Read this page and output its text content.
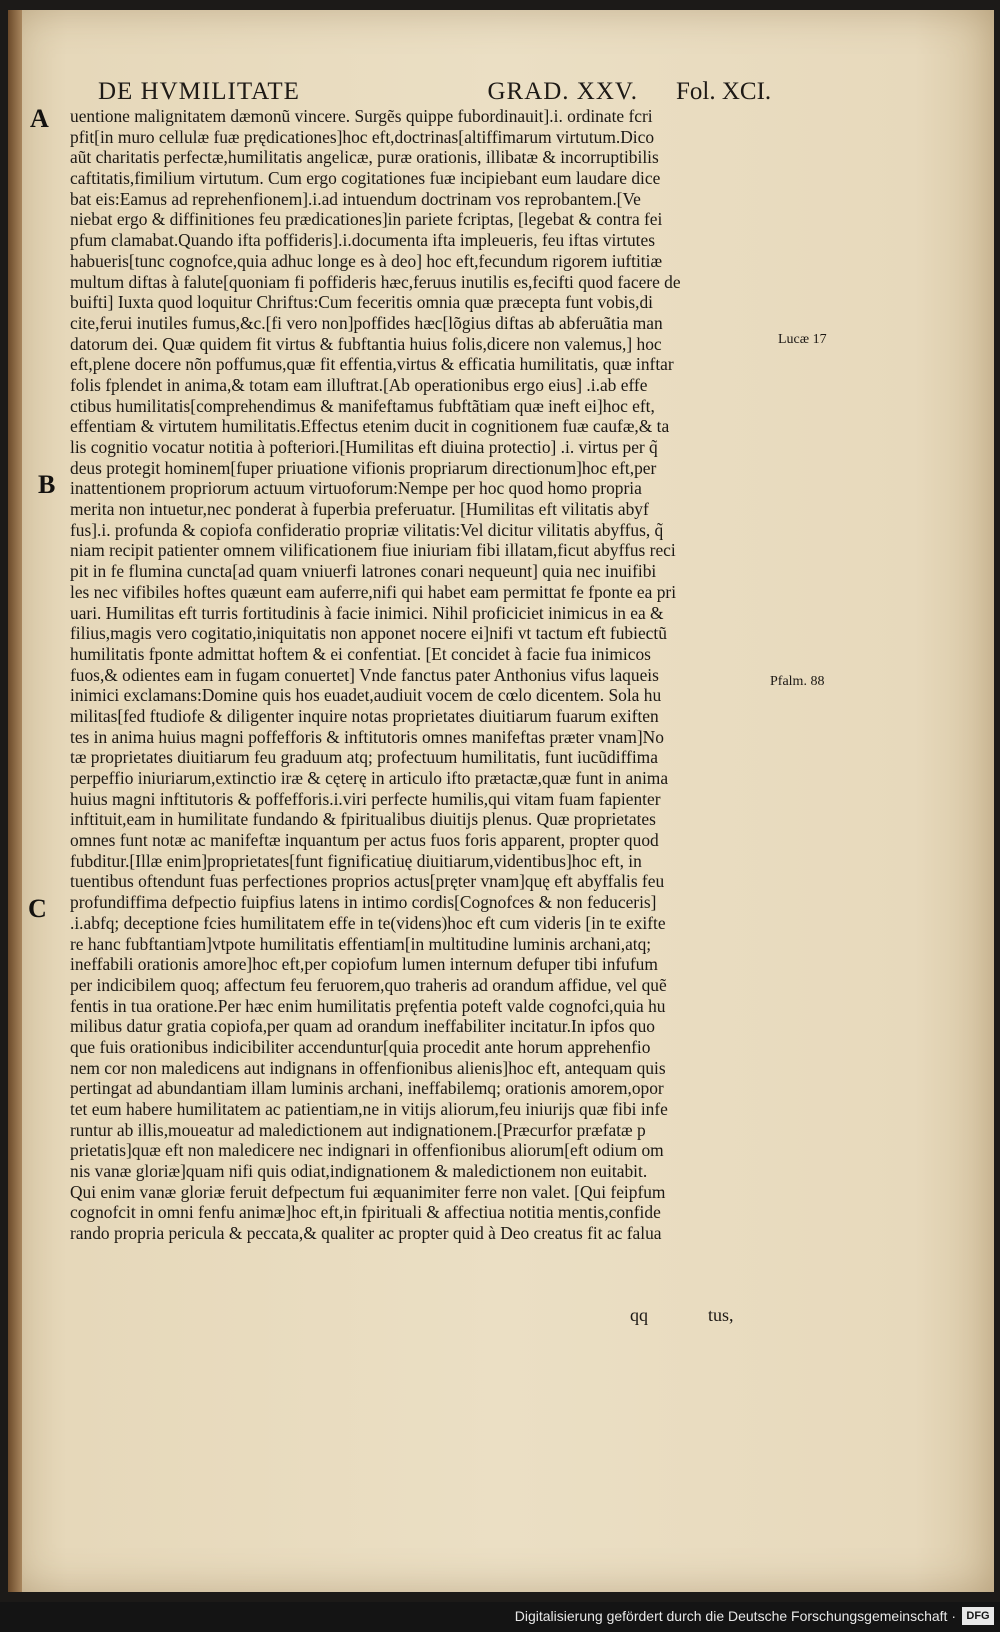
DE HVMILITATE	GRAD. XXV. Fol. XCI.
A
B
C
Lucæ 17
Pfalm. 88
uentione malignitatem dæmonũ vincere. Surgẽs quippe fubordinauit].i. ordinate fcri
pfit[in muro cellulæ fuæ prędicationes]hoc eft,doctrinas[altiffimarum virtutum.Dico
aũt charitatis perfectæ,humilitatis angelicæ, puræ orationis, illibatæ & incorruptibilis
caftitatis,fimilium virtutum. Cum ergo cogitationes fuæ incipiebant eum laudare dice
bat eis:Eamus ad reprehenfionem].i.ad intuendum doctrinam vos reprobantem.[Ve
niebat ergo & diffinitiones feu prædicationes]in pariete fcriptas, [legebat & contra fei
pfum clamabat.Quando ifta poffideris].i.documenta ifta impleueris, feu iftas virtutes
habueris[tunc cognofce,quia adhuc longe es à deo] hoc eft,fecundum rigorem iuftitiæ
multum diftas à falute[quoniam fi poffideris hæc,feruus inutilis es,fecifti quod facere de
buifti] Iuxta quod loquitur Chriftus:Cum feceritis omnia quæ præcepta funt vobis,di
cite,ferui inutiles fumus,&c.[fi vero non]poffides hæc[lõgius diftas ab abferuãtia man
datorum dei. Quæ quidem fit virtus & fubftantia huius folis,dicere non valemus,] hoc
eft,plene docere nõn poffumus,quæ fit effentia,virtus & efficatia humilitatis, quæ inftar
folis fplendet in anima,& totam eam illuftrat.[Ab operationibus ergo eius] .i.ab effe
ctibus humilitatis[comprehendimus & manifeftamus fubftãtiam quæ ineft ei]hoc eft,
effentiam & virtutem humilitatis.Effectus etenim ducit in cognitionem fuæ caufæ,& ta
lis cognitio vocatur notitia à pofteriori.[Humilitas eft diuina protectio] .i. virtus per q̃
deus protegit hominem[fuper priuatione vifionis propriarum directionum]hoc eft,per
inattentionem propriorum actuum virtuoforum:Nempe per hoc quod homo propria
merita non intuetur,nec ponderat à fuperbia preferuatur. [Humilitas eft vilitatis abyf
fus].i. profunda & copiofa confideratio propriæ vilitatis:Vel dicitur vilitatis abyffus, q̃
niam recipit patienter omnem vilificationem fiue iniuriam fibi illatam,ficut abyffus reci
pit in fe flumina cuncta[ad quam vniuerfi latrones conari nequeunt] quia nec inuifibi
les nec vifibiles hoftes quæunt eam auferre,nifi qui habet eam permittat fe fponte ea pri
uari. Humilitas eft turris fortitudinis à facie inimici. Nihil proficiciet inimicus in ea &
filius,magis vero cogitatio,iniquitatis non apponet nocere ei]nifi vt tactum eft fubiectũ
humilitatis fponte admittat hoftem & ei confentiat. [Et concidet à facie fua inimicos
fuos,& odientes eam in fugam conuertet] Vnde fanctus pater Anthonius vifus laqueis
inimici exclamans:Domine quis hos euadet,audiuit vocem de cœlo dicentem. Sola hu
militas[fed ftudiofe & diligenter inquire notas proprietates diuitiarum fuarum exiften
tes in anima huius magni poffefforis & inftitutoris omnes manifeftas præter vnam]No
tæ proprietates diuitiarum feu graduum atq; profectuum humilitatis, funt iucũdiffima
perpeffio iniuriarum,extinctio iræ & cęterę in articulo ifto prætactæ,quæ funt in anima
huius magni inftitutoris & poffefforis.i.viri perfecte humilis,qui vitam fuam fapienter
inftituit,eam in humilitate fundando & fpiritualibus diuitijs plenus. Quæ proprietates
omnes funt notæ ac manifeftæ inquantum per actus fuos foris apparent, propter quod
fubditur.[Illæ enim]proprietates[funt fignificatiuę diuitiarum,videntibus]hoc eft, in
tuentibus oftendunt fuas perfectiones proprios actus[pręter vnam]quę eft abyffalis feu
profundiffima defpectio fuipfius latens in intimo cordis[Cognofces & non feduceris]
.i.abfq; deceptione fcies humilitatem effe in te(videns)hoc eft cum videris [in te exifte
re hanc fubftantiam]vtpote humilitatis effentiam[in multitudine luminis archani,atq;
ineffabili orationis amore]hoc eft,per copiofum lumen internum defuper tibi infufum
per indicibilem quoq; affectum feu feruorem,quo traheris ad orandum affidue, vel quẽ
fentis in tua oratione.Per hæc enim humilitatis pręfentia poteft valde cognofci,quia hu
milibus datur gratia copiofa,per quam ad orandum ineffabiliter incitatur.In ipfos quo
que fuis orationibus indicibiliter accenduntur[quia procedit ante horum apprehenfio
nem cor non maledicens aut indignans in offenfionibus alienis]hoc eft, antequam quis
pertingat ad abundantiam illam luminis archani, ineffabilemq; orationis amorem,opor
tet eum habere humilitatem ac patientiam,ne in vitijs aliorum,feu iniurijs quæ fibi infe
runtur ab illis,moueatur ad maledictionem aut indignationem.[Præcurfor præfatæ p
prietatis]quæ eft non maledicere nec indignari in offenfionibus aliorum[eft odium om
nis vanæ gloriæ]quam nifi quis odiat,indignationem & maledictionem non euitabit.
Qui enim vanæ gloriæ feruit defpectum fui æquanimiter ferre non valet. [Qui feipfum
cognofcit in omni fenfu animæ]hoc eft,in fpirituali & affectiua notitia mentis,confide
rando propria pericula & peccata,& qualiter ac propter quid à Deo creatus fit ac falua
qq	tus,
Digitalisierung gefördert durch die Deutsche Forschungsgemeinschaft · DFG
